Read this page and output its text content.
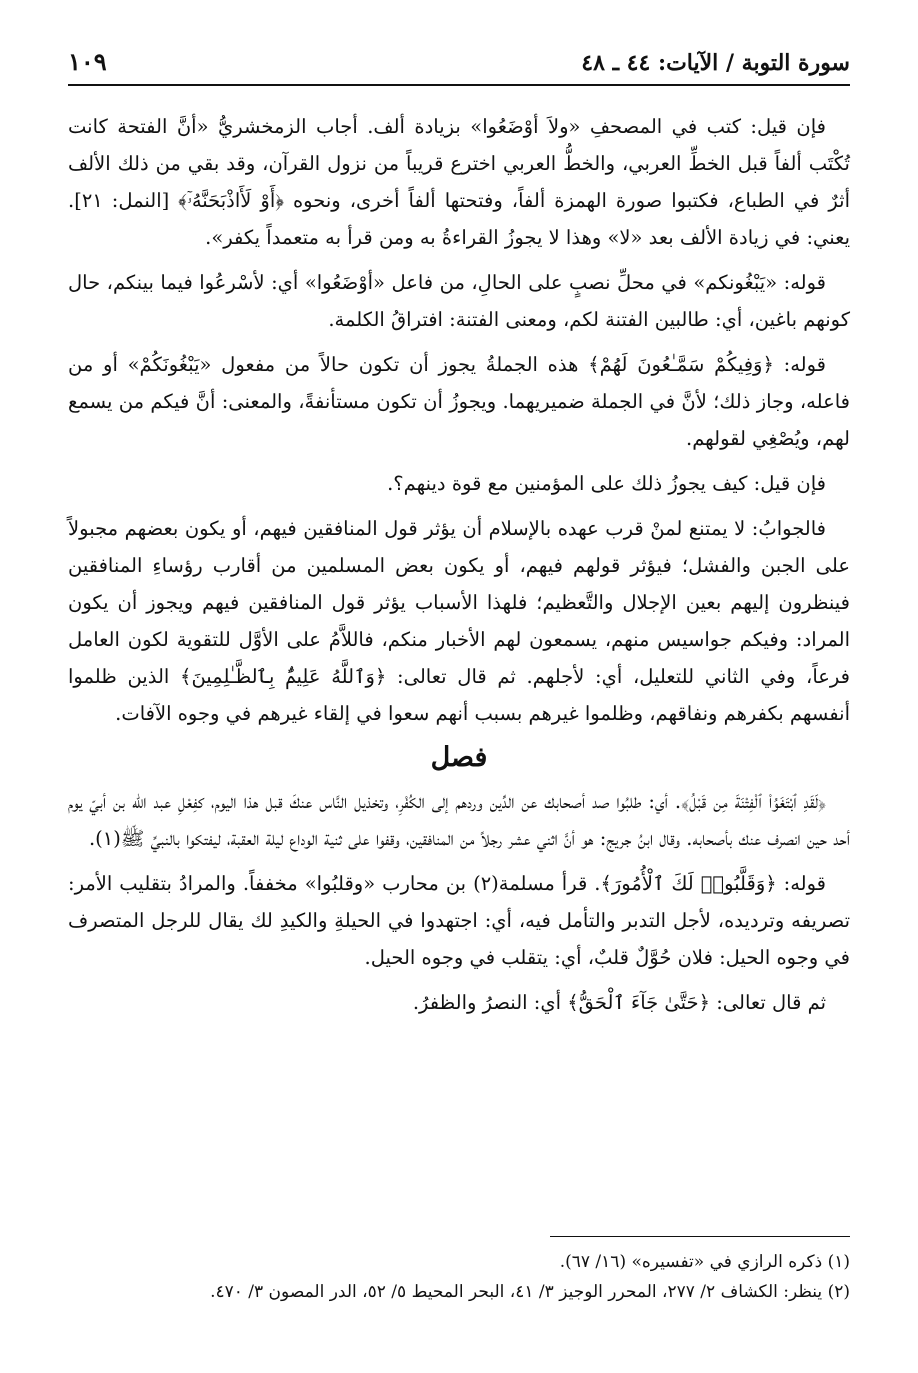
سورة التوبة / الآيات: ٤٤ ـ ٤٨
١٠٩

فإن قيل: كتب في المصحفِ «ولاَ أوْضَعُوا» بزيادة ألف. أجاب الزمخشريُّ «أنَّ الفتحة كانت تُكْتَب ألفاً قبل الخطِّ العربي، والخطُّ العربي اخترع قريباً من نزول القرآن، وقد بقي من ذلك الألف أثرٌ في الطباع، فكتبوا صورة الهمزة ألفاً، وفتحتها ألفاً أخرى، ونحوه ﴿أَوْ لَأَاذْبَحَنَّهُۥٓ﴾ [النمل: ٢١]. يعني: في زيادة الألف بعد «لا» وهذا لا يجوزُ القراءةُ به ومن قرأ به متعمداً يكفر».

قوله: «يَبْغُونكم» في محلِّ نصبٍ على الحالِ، من فاعل «أوْضَعُوا» أي: لأسْرعُوا فيما بينكم، حال كونهم باغين، أي: طالبين الفتنة لكم، ومعنى الفتنة: افتراقُ الكلمة.

قوله: ﴿وَفِيكُمْ سَمَّـٰعُونَ لَهُمْ﴾ هذه الجملةُ يجوز أن تكون حالاً من مفعول «يَبْغُونَكُمْ» أو من فاعله، وجاز ذلك؛ لأنَّ في الجملة ضميريهما. ويجوزُ أن تكون مستأنفةً، والمعنى: أنَّ فيكم من يسمع لهم، ويُصْغِي لقولهم.

فإن قيل: كيف يجوزُ ذلك على المؤمنين مع قوة دينهم؟.

فالجوابُ: لا يمتنع لمنْ قرب عهده بالإسلام أن يؤثر قول المنافقين فيهم، أو يكون بعضهم مجبولاً على الجبن والفشل؛ فيؤثر قولهم فيهم، أو يكون بعض المسلمين من أقارب رؤساءِ المنافقين فينظرون إليهم بعين الإجلال والتَّعظيم؛ فلهذا الأسباب يؤثر قول المنافقين فيهم ويجوز أن يكون المراد: وفيكم جواسيس منهم، يسمعون لهم الأخبار منكم، فاللاَّمُ على الأوَّل للتقوية لكون العامل فرعاً، وفي الثاني للتعليل، أي: لأجلهم. ثم قال تعالى: ﴿وَٱللَّهُ عَلِيمٌۢ بِٱلظَّـٰلِمِينَ﴾ الذين ظلموا أنفسهم بكفرهم ونفاقهم، وظلموا غيرهم بسبب أنهم سعوا في إلقاء غيرهم في وجوه الآفات.

فصل

﴿لَقَدِ ٱبْتَغَوُا۟ ٱلْفِتْنَةَ مِن قَبْلُ﴾. أي: طلبُوا صد أصحابك عن الدِّين وردهم إلى الكُفْرِ، وتخذيل النَّاس عنكَ قبل هذا اليوم، كفِعْلِ عبد الله بن أبيّ يوم أحد حين انصرف عنك بأصحابه. وقال ابنُ جريج: هو أنَّ اثني عشر رجلاً من المنافقين، وقفوا على ثنية الوداع ليلة العقبة، ليفتكوا بالنبيِّ ﷺ(١).

قوله: ﴿وَقَلَّبُوا۟ لَكَ ٱلْأُمُورَ﴾. قرأ مسلمة(٢) بن محارب «وقلبُوا» مخففاً. والمرادُ بتقليب الأمر: تصريفه وترديده، لأجل التدبر والتأمل فيه، أي: اجتهدوا في الحيلةِ والكيدِ لك يقال للرجل المتصرف في وجوه الحيل: فلان حُوَّلٌ قلبٌ، أي: يتقلب في وجوه الحيل.

ثم قال تعالى: ﴿حَتَّىٰ جَآءَ ٱلْحَقُّ﴾ أي: النصرُ والظفرُ.

(١) ذكره الرازي في «تفسيره» (١٦/ ٦٧).

(٢) ينظر: الكشاف ٢/ ٢٧٧، المحرر الوجيز ٣/ ٤١، البحر المحيط ٥/ ٥٢، الدر المصون ٣/ ٤٧٠.
